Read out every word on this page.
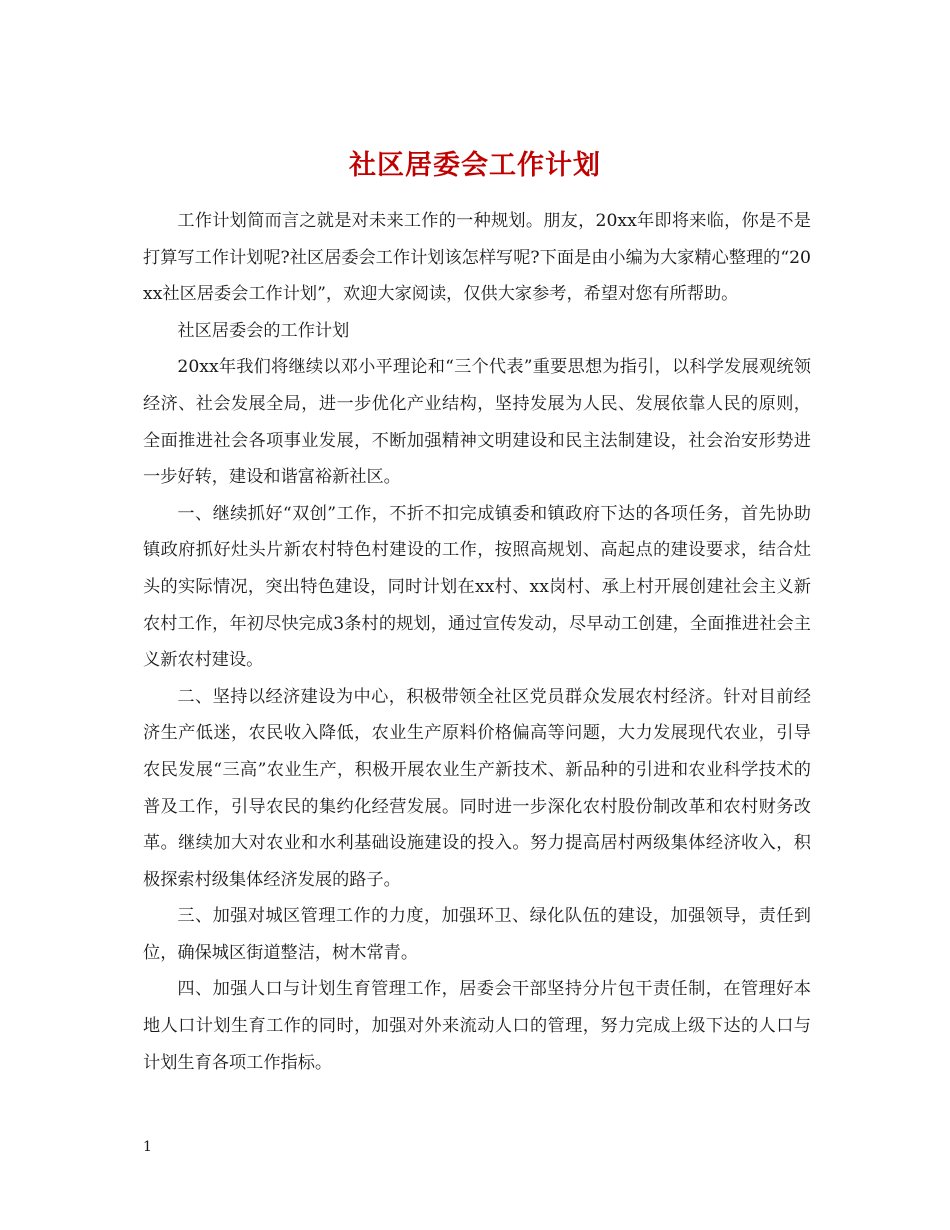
社区居委会工作计划

工作计划简而言之就是对未来工作的一种规划。朋友，20xx年即将来临，你是不是打算写工作计划呢?社区居委会工作计划该怎样写呢?下面是由小编为大家精心整理的“20xx社区居委会工作计划”，欢迎大家阅读，仅供大家参考，希望对您有所帮助。

社区居委会的工作计划

20xx年我们将继续以邓小平理论和“三个代表”重要思想为指引，以科学发展观统领经济、社会发展全局，进一步优化产业结构，坚持发展为人民、发展依靠人民的原则，全面推进社会各项事业发展，不断加强精神文明建设和民主法制建设，社会治安形势进一步好转，建设和谐富裕新社区。

一、继续抓好“双创”工作，不折不扣完成镇委和镇政府下达的各项任务，首先协助镇政府抓好灶头片新农村特色村建设的工作，按照高规划、高起点的建设要求，结合灶头的实际情况，突出特色建设，同时计划在xx村、xx岗村、承上村开展创建社会主义新农村工作，年初尽快完成3条村的规划，通过宣传发动，尽早动工创建，全面推进社会主义新农村建设。

二、坚持以经济建设为中心，积极带领全社区党员群众发展农村经济。针对目前经济生产低迷，农民收入降低，农业生产原料价格偏高等问题，大力发展现代农业，引导农民发展“三高”农业生产，积极开展农业生产新技术、新品种的引进和农业科学技术的普及工作，引导农民的集约化经营发展。同时进一步深化农村股份制改革和农村财务改革。继续加大对农业和水利基础设施建设的投入。努力提高居村两级集体经济收入，积极探索村级集体经济发展的路子。

三、加强对城区管理工作的力度，加强环卫、绿化队伍的建设，加强领导，责任到位，确保城区街道整洁，树木常青。

四、加强人口与计划生育管理工作，居委会干部坚持分片包干责任制，在管理好本地人口计划生育工作的同时，加强对外来流动人口的管理，努力完成上级下达的人口与计划生育各项工作指标。

1
